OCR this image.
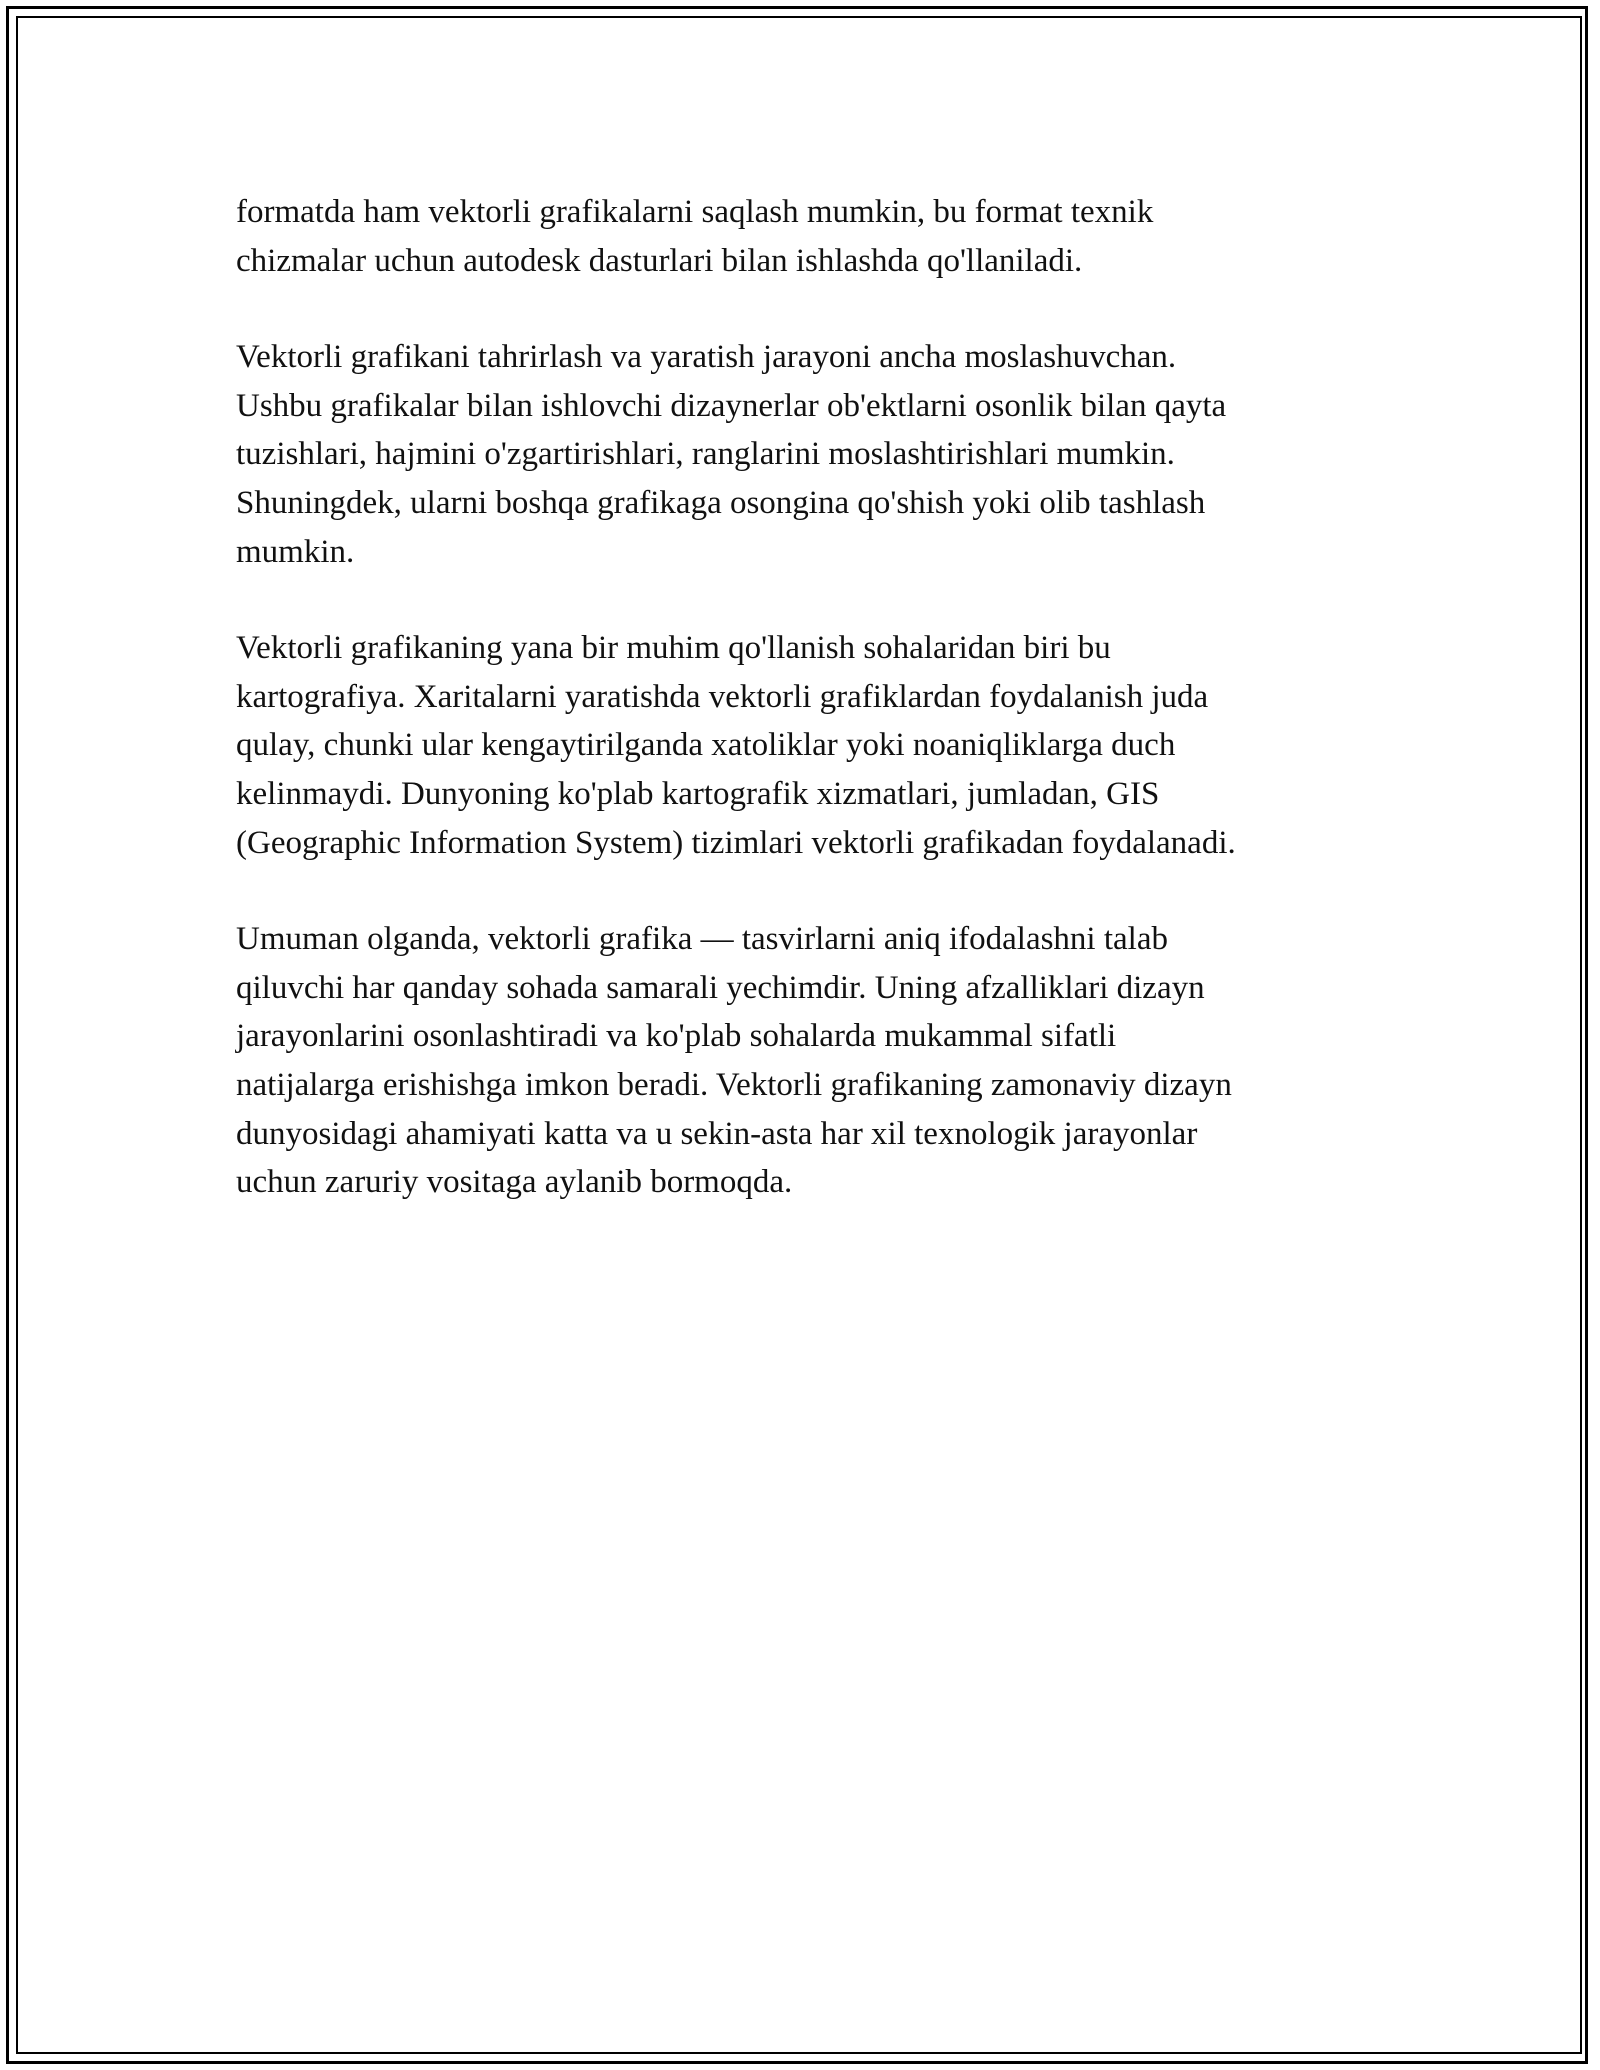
formatda ham vektorli grafikalarni saqlash mumkin, bu format texnik
chizmalar uchun autodesk dasturlari bilan ishlashda qo'llaniladi.

Vektorli grafikani tahrirlash va yaratish jarayoni ancha moslashuvchan.
Ushbu grafikalar bilan ishlovchi dizaynerlar ob'ektlarni osonlik bilan qayta
tuzishlari, hajmini o'zgartirishlari, ranglarini moslashtirishlari mumkin.
Shuningdek, ularni boshqa grafikaga osongina qo'shish yoki olib tashlash
mumkin.

Vektorli grafikaning yana bir muhim qo'llanish sohalaridan biri bu
kartografiya. Xaritalarni yaratishda vektorli grafiklardan foydalanish juda
qulay, chunki ular kengaytirilganda xatoliklar yoki noaniqliklarga duch
kelinmaydi. Dunyoning ko'plab kartografik xizmatlari, jumladan, GIS
(Geographic Information System) tizimlari vektorli grafikadan foydalanadi.

Umuman olganda, vektorli grafika — tasvirlarni aniq ifodalashni talab
qiluvchi har qanday sohada samarali yechimdir. Uning afzalliklari dizayn
jarayonlarini osonlashtiradi va ko'plab sohalarda mukammal sifatli
natijalarga erishishga imkon beradi. Vektorli grafikaning zamonaviy dizayn
dunyosidagi ahamiyati katta va u sekin-asta har xil texnologik jarayonlar
uchun zaruriy vositaga aylanib bormoqda.
